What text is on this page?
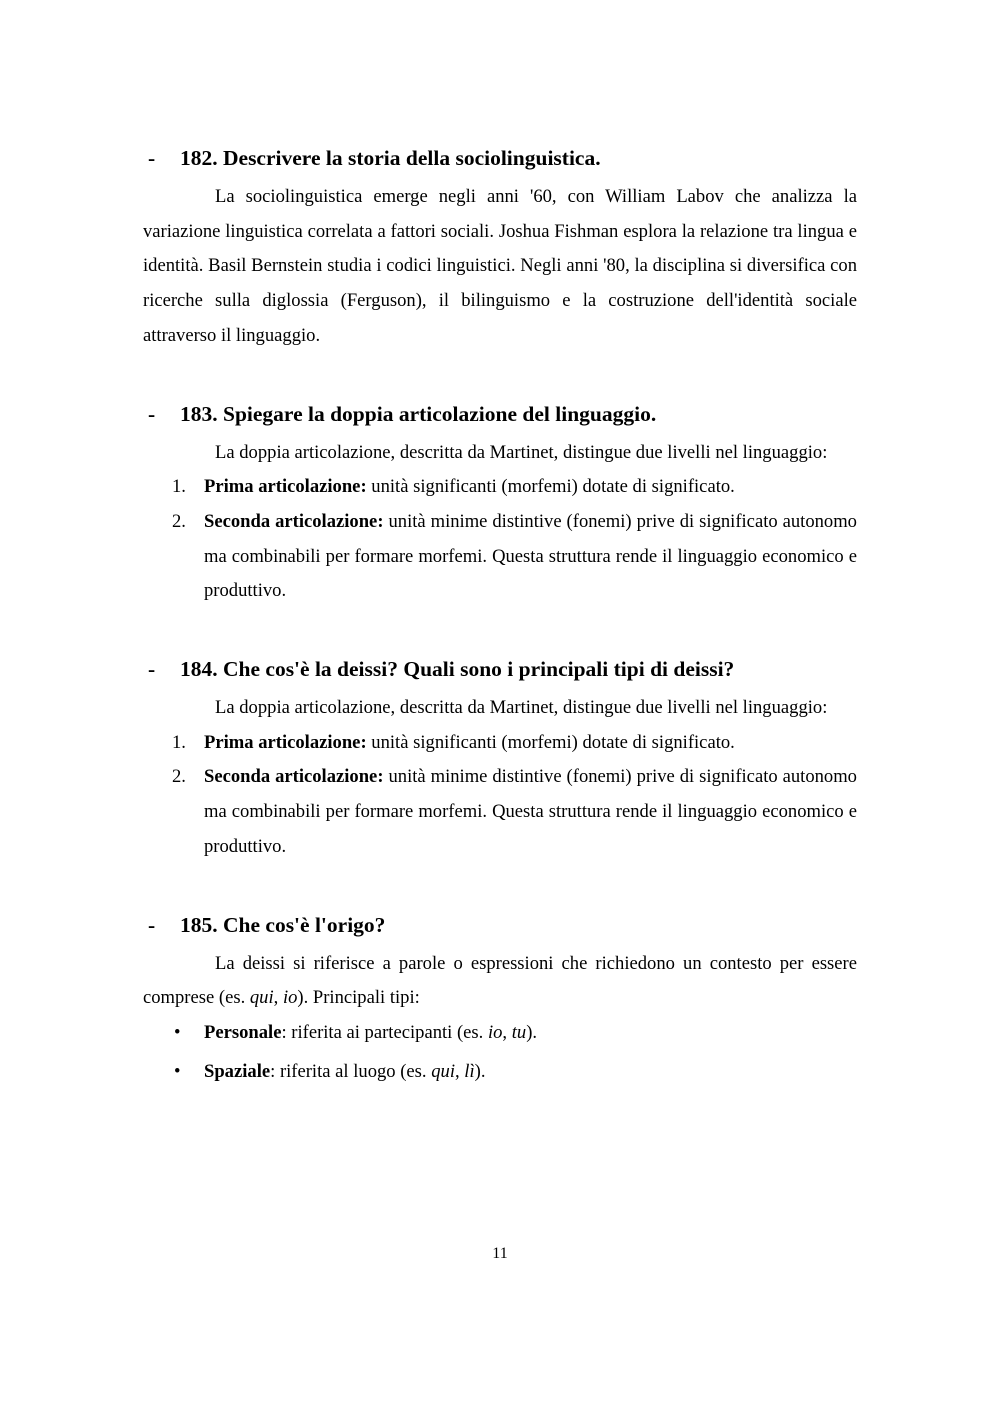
- 182. Descrivere la storia della sociolinguistica.

La sociolinguistica emerge negli anni '60, con William Labov che analizza la variazione linguistica correlata a fattori sociali. Joshua Fishman esplora la relazione tra lingua e identità. Basil Bernstein studia i codici linguistici. Negli anni '80, la disciplina si diversifica con ricerche sulla diglossia (Ferguson), il bilinguismo e la costruzione dell'identità sociale attraverso il linguaggio.

- 183. Spiegare la doppia articolazione del linguaggio.

La doppia articolazione, descritta da Martinet, distingue due livelli nel linguaggio:

1. Prima articolazione: unità significanti (morfemi) dotate di significato.
2. Seconda articolazione: unità minime distintive (fonemi) prive di significato autonomo ma combinabili per formare morfemi. Questa struttura rende il linguaggio economico e produttivo.
- 184. Che cos'è la deissi? Quali sono i principali tipi di deissi?

La doppia articolazione, descritta da Martinet, distingue due livelli nel linguaggio:

1. Prima articolazione: unità significanti (morfemi) dotate di significato.
2. Seconda articolazione: unità minime distintive (fonemi) prive di significato autonomo ma combinabili per formare morfemi. Questa struttura rende il linguaggio economico e produttivo.
- 185. Che cos'è l'origo?

La deissi si riferisce a parole o espressioni che richiedono un contesto per essere comprese (es. qui, io). Principali tipi:

• Personale: riferita ai partecipanti (es. io, tu).
• Spaziale: riferita al luogo (es. qui, lì).
11
